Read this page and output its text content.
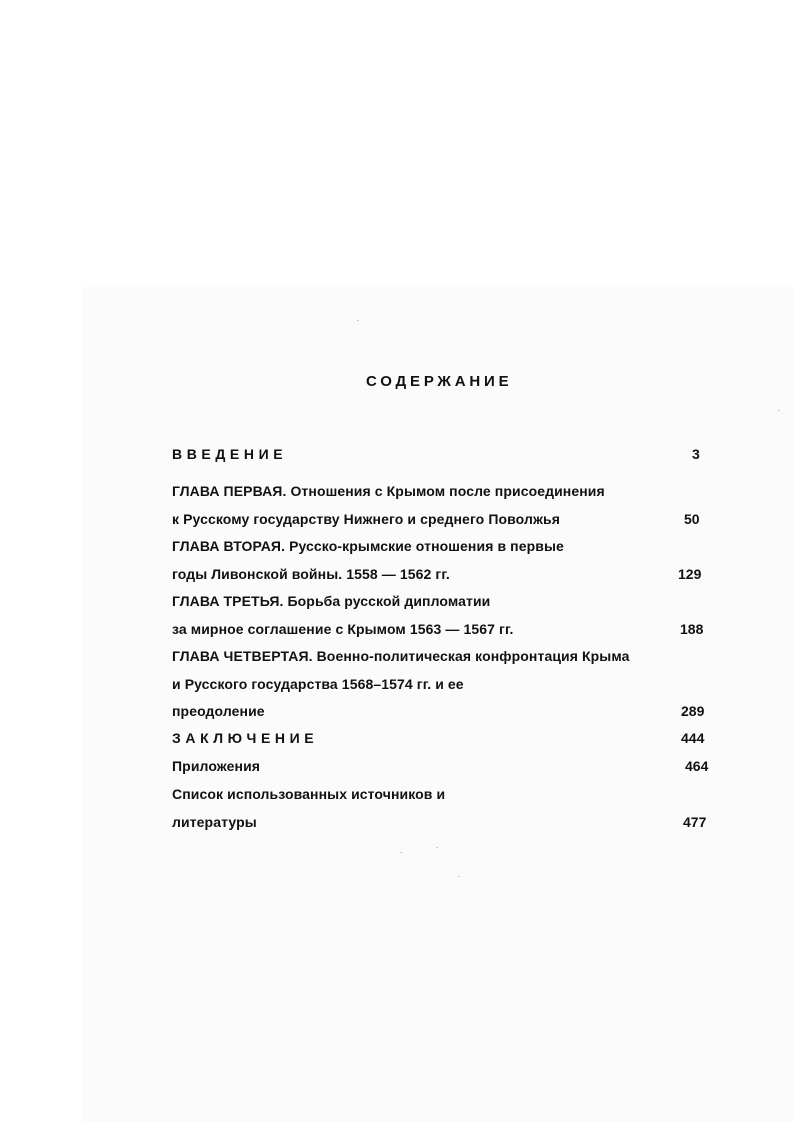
СОДЕРЖАНИЕ
ВВЕДЕНИЕ	3
ГЛАВА ПЕРВАЯ. Отношения с Крымом после присоединения
к Русскому государству Нижнего и среднего Поволжья	50
ГЛАВА ВТОРАЯ. Русско-крымские отношения в первые
годы Ливонской войны. 1558 — 1562 гг.	129
ГЛАВА ТРЕТЬЯ. Борьба русской дипломатии
за мирное соглашение с Крымом 1563 — 1567 гг.	188
ГЛАВА ЧЕТВЕРТАЯ. Военно-политическая конфронтация Крыма
и Русского государства 1568–1574 гг. и ее
преодоление	289
ЗАКЛЮЧЕНИЕ	444
Приложения	464
Список использованных источников и
литературы	477
